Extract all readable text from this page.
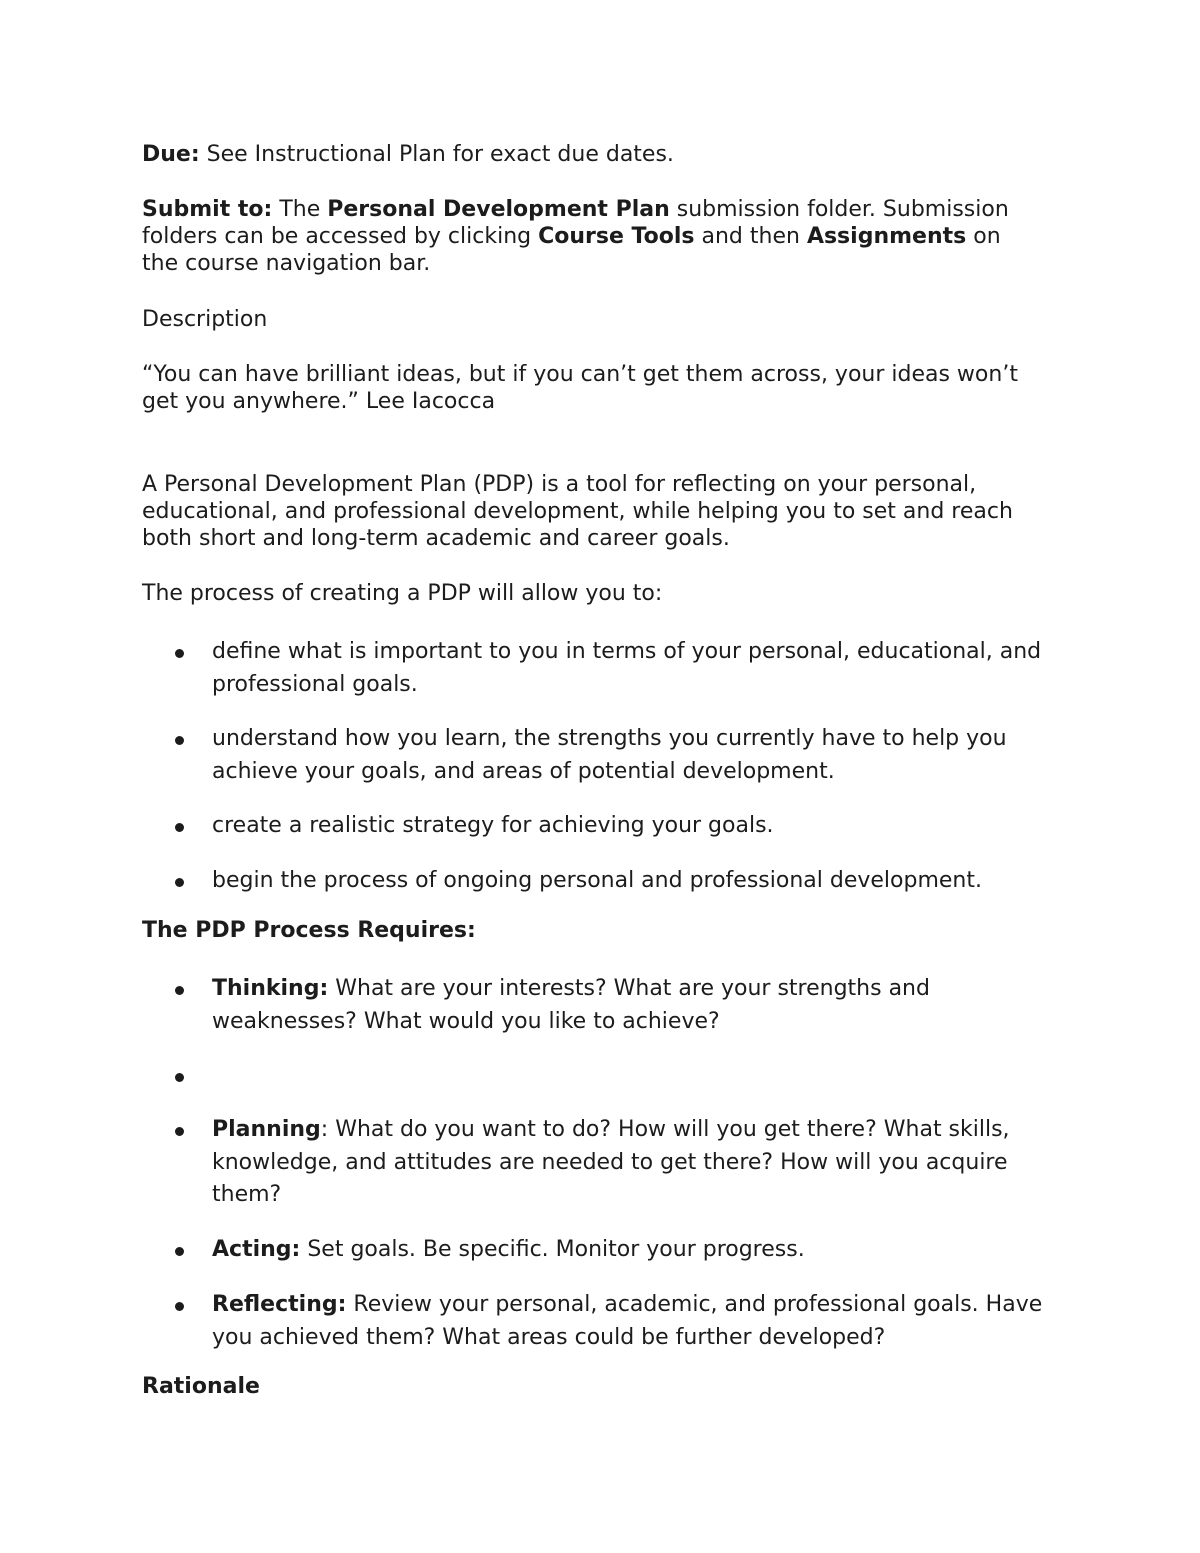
Due: See Instructional Plan for exact due dates.

Submit to: The Personal Development Plan submission folder. Submission folders can be accessed by clicking Course Tools and then Assignments on the course navigation bar.

Description

“You can have brilliant ideas, but if you can’t get them across, your ideas won’t get you anywhere.” Lee Iacocca

A Personal Development Plan (PDP) is a tool for reflecting on your personal, educational, and professional development, while helping you to set and reach both short and long-term academic and career goals.

The process of creating a PDP will allow you to:

define what is important to you in terms of your personal, educational, and professional goals.
understand how you learn, the strengths you currently have to help you achieve your goals, and areas of potential development.
create a realistic strategy for achieving your goals.
begin the process of ongoing personal and professional development.

The PDP Process Requires:

Thinking: What are your interests? What are your strengths and weaknesses? What would you like to achieve?
Planning: What do you want to do? How will you get there? What skills, knowledge, and attitudes are needed to get there? How will you acquire them?
Acting: Set goals. Be specific. Monitor your progress.
Reflecting: Review your personal, academic, and professional goals. Have you achieved them? What areas could be further developed?

Rationale
